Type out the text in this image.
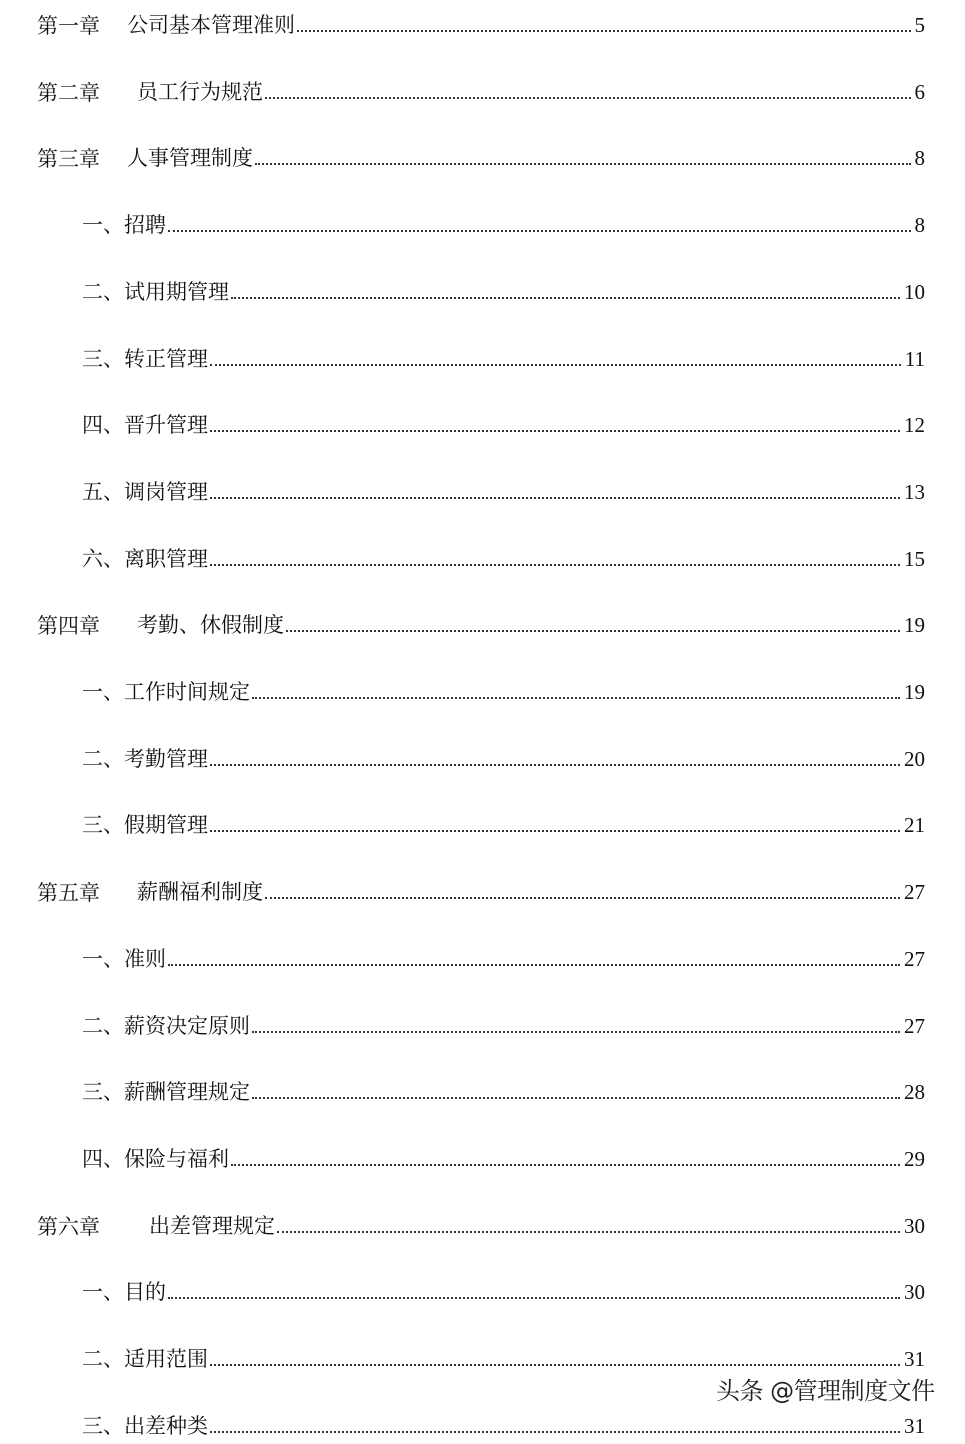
第一章 公司基本管理准则	5
第二章 员工行为规范	6
第三章 人事管理制度	8
一、招聘	8
二、试用期管理	10
三、转正管理	11
四、晋升管理	12
五、调岗管理	13
六、离职管理	15
第四章 考勤、休假制度	19
一、工作时间规定	19
二、考勤管理	20
三、假期管理	21
第五章 薪酬福利制度	27
一、准则	27
二、薪资决定原则	27
三、薪酬管理规定	28
四、保险与福利	29
第六章 出差管理规定	30
一、目的	30
二、适用范围	31
三、出差种类	31
头条 @管理制度文件
